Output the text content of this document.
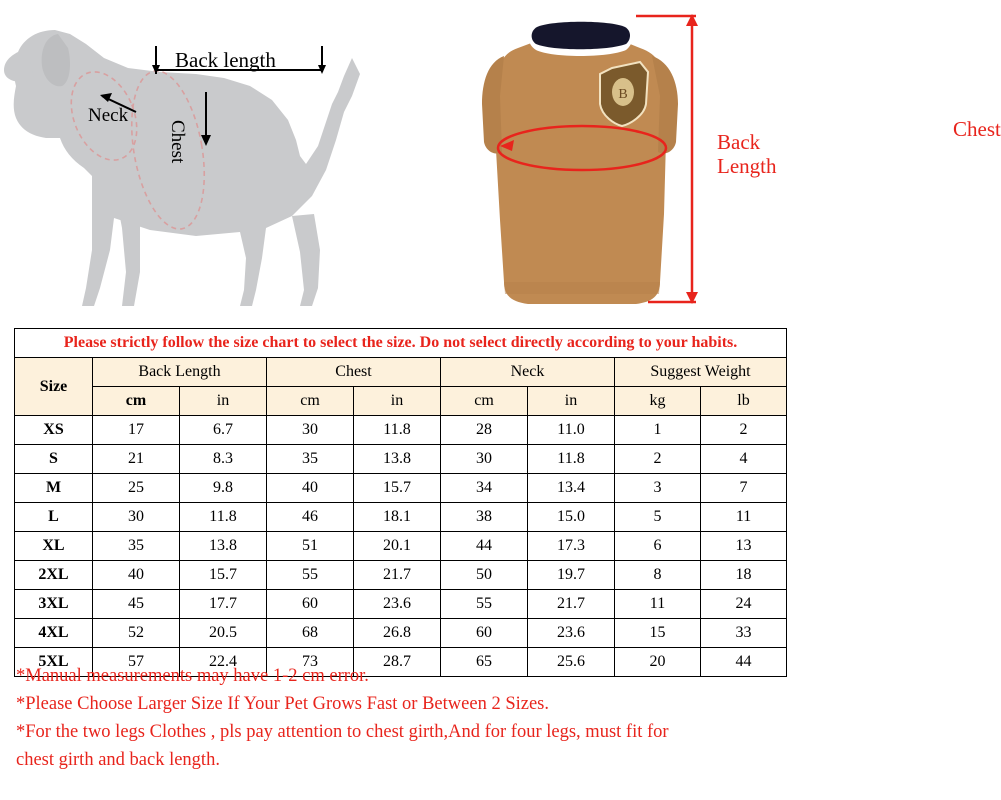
Back length
Neck
Chest
B
Chest
Back
Length
Please strictly follow the size chart to select the size. Do not select directly according to your habits.								
Size	Back Length		Chest		Neck		Suggest Weight	
	cm	in	cm	in	cm	in	kg	lb
XS	17	6.7	30	11.8	28	11.0	1	2
S	21	8.3	35	13.8	30	11.8	2	4
M	25	9.8	40	15.7	34	13.4	3	7
L	30	11.8	46	18.1	38	15.0	5	11
XL	35	13.8	51	20.1	44	17.3	6	13
2XL	40	15.7	55	21.7	50	19.7	8	18
3XL	45	17.7	60	23.6	55	21.7	11	24
4XL	52	20.5	68	26.8	60	23.6	15	33
5XL	57	22.4	73	28.7	65	25.6	20	44
*Manual measurements may have 1-2 cm error.
*Please Choose Larger Size If Your Pet Grows Fast or Between 2 Sizes.
*For the two legs Clothes , pls pay attention to chest girth,And for four legs, must fit for
chest girth and back length.
